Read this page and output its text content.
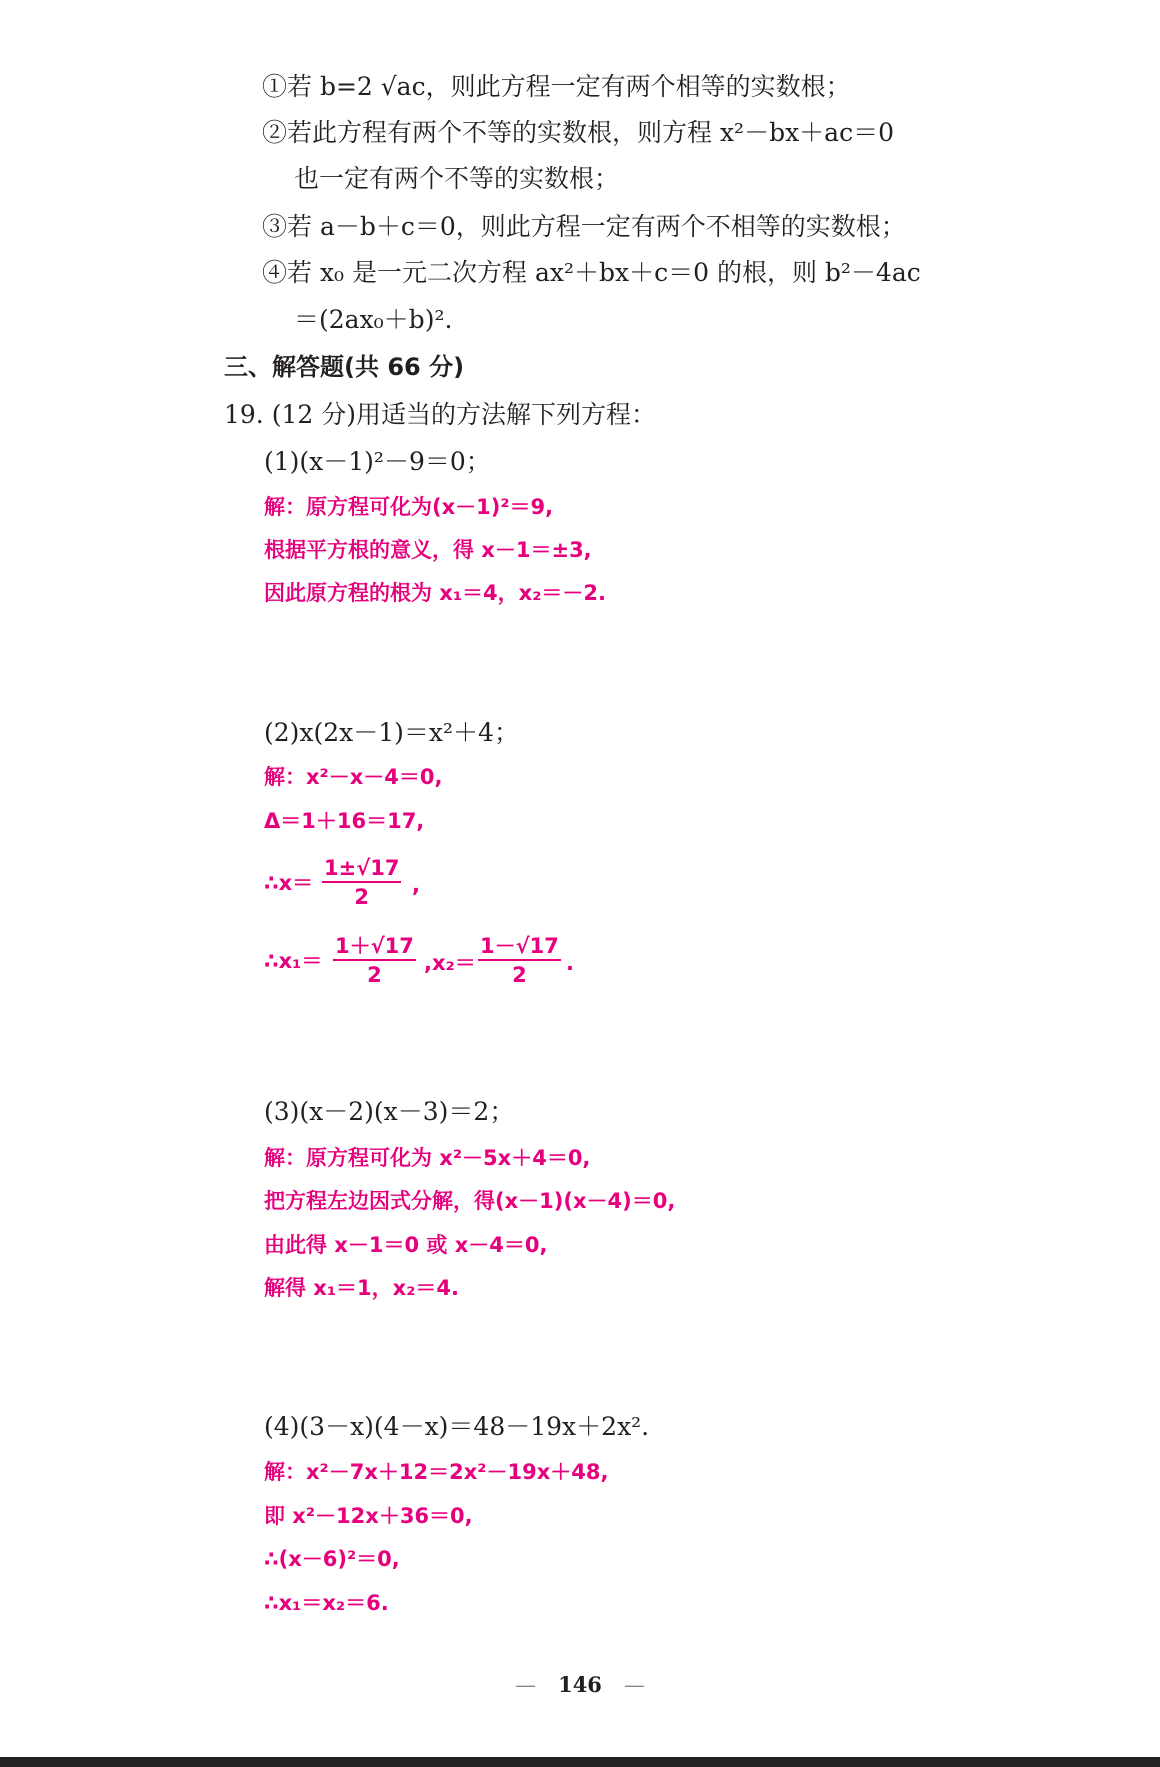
①若 b=2 √ac，则此方程一定有两个相等的实数根；
②若此方程有两个不等的实数根，则方程 x²－bx＋ac＝0
也一定有两个不等的实数根；
③若 a－b＋c＝0，则此方程一定有两个不相等的实数根；
④若 x₀ 是一元二次方程 ax²＋bx＋c＝0 的根，则 b²－4ac
＝(2ax₀＋b)².
三、解答题(共 66 分)
19. (12 分)用适当的方法解下列方程：
(1)(x－1)²－9＝0；
解：原方程可化为(x－1)²＝9,
根据平方根的意义，得 x－1＝±3,
因此原方程的根为 x₁＝4，x₂＝－2.
(2)x(2x－1)＝x²＋4；
解：x²－x－4＝0,
Δ＝1＋16＝17,
∴x＝ $\frac{1\pm√17}{2}$ ,
∴x₁＝ $\frac{1+√17}{2} ,x_2= \frac{1-√17}{2}$ .
(3)(x－2)(x－3)＝2；
解：原方程可化为 x²－5x＋4＝0,
把方程左边因式分解，得(x－1)(x－4)＝0,
由此得 x－1＝0 或 x－4＝0,
解得 x₁＝1，x₂＝4.
(4)(3－x)(4－x)＝48－19x＋2x².
解：x²－7x＋12＝2x²－19x＋48,
即 x²－12x＋36＝0,
∴(x－6)²＝0,
∴x₁＝x₂＝6.
— 146 —
